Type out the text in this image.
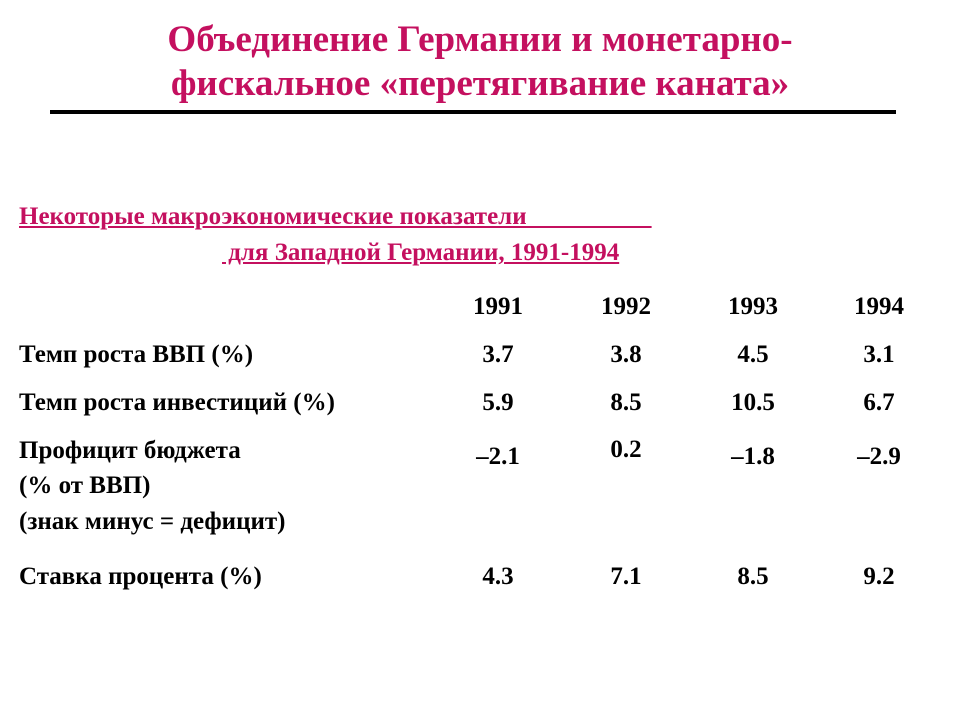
Объединение Германии и монетарно-
фискальное «перетягивание каната»
Некоторые макроэкономические показатели
для Западной Германии, 1991-1994
1991	1992	1993	1994
Темп роста ВВП (%)	3.7	3.8	4.5	3.1
Темп роста инвестиций (%)	5.9	8.5	10.5	6.7
Профицит бюджета
(% от ВВП)
(знак минус = дефицит)
–2.1	0.2	–1.8	–2.9
Ставка процента (%)	4.3	7.1	8.5	9.2
